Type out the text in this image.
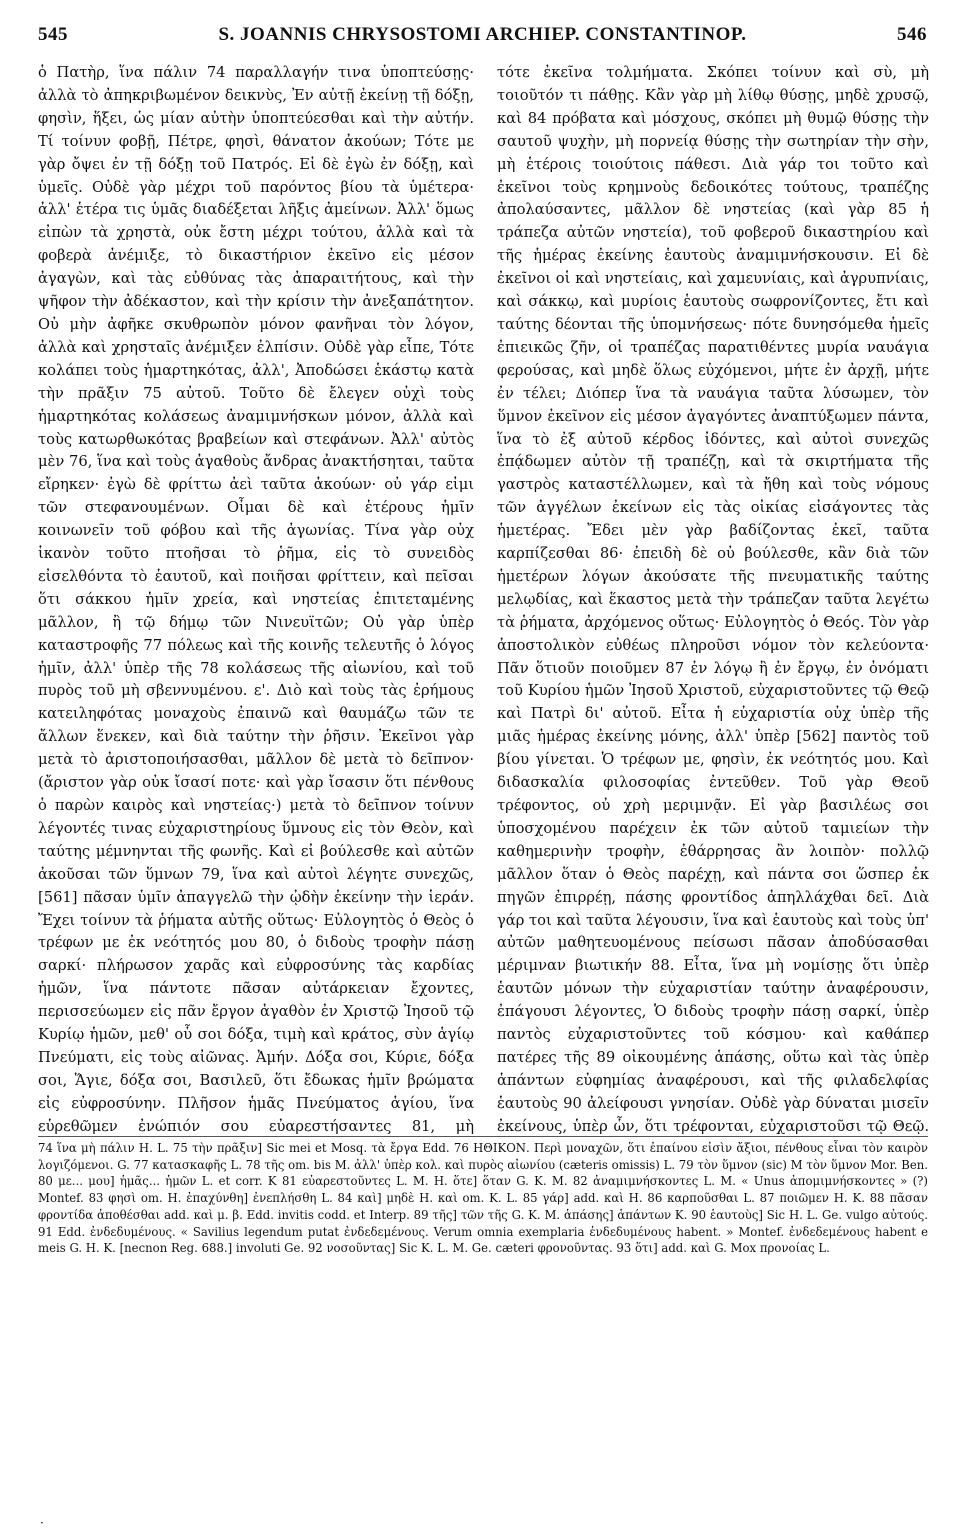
545	S. JOANNIS CHRYSOSTOMI ARCHIEP. CONSTANTINOP.	546

ὁ Πατὴρ, ἵνα πάλιν 74 παραλλαγήν τινα ὑποπτεύσῃς· ἀλλὰ τὸ ἀπηκριβωμένον δεικνὺς, Ἐν αὐτῇ ἐκείνῃ τῇ δόξῃ, φησὶν, ἥξει, ὡς μίαν αὐτὴν ὑποπτεύεσθαι καὶ τὴν αὐτήν. Τί τοίνυν φοβῇ, Πέτρε, φησὶ, θάνατον ἀκούων; Τότε με γὰρ ὄψει ἐν τῇ δόξῃ τοῦ Πατρός. Εἰ δὲ ἐγὼ ἐν δόξῃ, καὶ ὑμεῖς. Οὐδὲ γὰρ μέχρι τοῦ παρόντος βίου τὰ ὑμέτερα· ἀλλ' ἑτέρα τις ὑμᾶς διαδέξεται λῆξις ἀμείνων. Ἀλλ' ὅμως εἰπὼν τὰ χρηστὰ, οὐκ ἔστη μέχρι τούτου, ἀλλὰ καὶ τὰ φοβερὰ ἀνέμιξε, τὸ δικαστήριον ἐκεῖνο εἰς μέσον ἀγαγὼν, καὶ τὰς εὐθύνας τὰς ἀπαραιτήτους, καὶ τὴν ψῆφον τὴν ἀδέκαστον, καὶ τὴν κρίσιν τὴν ἀνεξαπάτητον. Οὐ μὴν ἀφῆκε σκυθρωπὸν μόνον φανῆναι τὸν λόγον, ἀλλὰ καὶ χρησταῖς ἀνέμιξεν ἐλπίσιν. Οὐδὲ γὰρ εἶπε, Τότε κολάπει τοὺς ἡμαρτηκότας, ἀλλ', Ἀποδώσει ἑκάστῳ κατὰ τὴν πρᾶξιν 75 αὐτοῦ. Τοῦτο δὲ ἔλεγεν οὐχὶ τοὺς ἡμαρτηκότας κολάσεως ἀναμιμνήσκων μόνον, ἀλλὰ καὶ τοὺς κατωρθωκότας βραβείων καὶ στεφάνων. Ἀλλ' αὐτὸς μὲν 76, ἵνα καὶ τοὺς ἀγαθοὺς ἄνδρας ἀνακτήσηται, ταῦτα εἴρηκεν· ἐγὼ δὲ φρίττω ἀεὶ ταῦτα ἀκούων· οὐ γάρ εἰμι τῶν στεφανουμένων. Οἶμαι δὲ καὶ ἑτέρους ἡμῖν κοινωνεῖν τοῦ φόβου καὶ τῆς ἀγωνίας. Τίνα γὰρ οὐχ ἱκανὸν τοῦτο πτοῆσαι τὸ ῥῆμα, εἰς τὸ συνειδὸς εἰσελθόντα τὸ ἑαυτοῦ, καὶ ποιῆσαι φρίττειν, καὶ πεῖσαι ὅτι σάκκου ἡμῖν χρεία, καὶ νηστείας ἐπιτεταμένης μᾶλλον, ἢ τῷ δήμῳ τῶν Νινευϊτῶν; Οὐ γὰρ ὑπὲρ καταστροφῆς 77 πόλεως καὶ τῆς κοινῆς τελευτῆς ὁ λόγος ἡμῖν, ἀλλ' ὑπὲρ τῆς 78 κολάσεως τῆς αἰωνίου, καὶ τοῦ πυρὸς τοῦ μὴ σβεννυμένου. ε'. Διὸ καὶ τοὺς τὰς ἐρήμους κατειληφότας μοναχοὺς ἐπαινῶ καὶ θαυμάζω τῶν τε ἄλλων ἕνεκεν, καὶ διὰ ταύτην τὴν ῥῆσιν. Ἐκεῖνοι γὰρ μετὰ τὸ ἀριστοποιήσασθαι, μᾶλλον δὲ μετὰ τὸ δεῖπνον· (ἄριστον γὰρ οὐκ ἴσασί ποτε· καὶ γὰρ ἴσασιν ὅτι πένθους ὁ παρὼν καιρὸς καὶ νηστείας·) μετὰ τὸ δεῖπνον τοίνυν λέγοντές τινας εὐχαριστηρίους ὕμνους εἰς τὸν Θεὸν, καὶ ταύτης μέμνηνται τῆς φωνῆς. Καὶ εἰ βούλεσθε καὶ αὐτῶν ἀκοῦσαι τῶν ὕμνων 79, ἵνα καὶ αὐτοὶ λέγητε συνεχῶς, [561] πᾶσαν ὑμῖν ἀπαγγελῶ τὴν ᾠδὴν ἐκείνην τὴν ἱεράν. Ἔχει τοίνυν τὰ ῥήματα αὐτῆς οὕτως· Εὐλογητὸς ὁ Θεὸς ὁ τρέφων με ἐκ νεότητός μου 80, ὁ διδοὺς τροφὴν πάσῃ σαρκί· πλήρωσον χαρᾶς καὶ εὐφροσύνης τὰς καρδίας ἡμῶν, ἵνα πάντοτε πᾶσαν αὐτάρκειαν ἔχοντες, περισσεύωμεν εἰς πᾶν ἔργον ἀγαθὸν ἐν Χριστῷ Ἰησοῦ τῷ Κυρίῳ ἡμῶν, μεθ' οὗ σοι δόξα, τιμὴ καὶ κράτος, σὺν ἁγίῳ Πνεύματι, εἰς τοὺς αἰῶνας. Ἀμήν. Δόξα σοι, Κύριε, δόξα σοι, Ἅγιε, δόξα σοι, Βασιλεῦ, ὅτι ἔδωκας ἡμῖν βρώματα εἰς εὐφροσύνην. Πλῆσον ἡμᾶς Πνεύματος ἁγίου, ἵνα εὑρεθῶμεν ἐνώπιόν σου εὐαρεστήσαντες 81, μὴ

τότε ἐκεῖνα τολμήματα. Σκόπει τοίνυν καὶ σὺ, μὴ τοιοῦτόν τι πάθῃς. Κἂν γὰρ μὴ λίθῳ θύσῃς, μηδὲ χρυσῷ, καὶ 84 πρόβατα καὶ μόσχους, σκόπει μὴ θυμῷ θύσῃς τὴν σαυτοῦ ψυχὴν, μὴ πορνείᾳ θύσῃς τὴν σωτηρίαν τὴν σὴν, μὴ ἑτέροις τοιούτοις πάθεσι. Διὰ γάρ τοι τοῦτο καὶ ἐκεῖνοι τοὺς κρημνοὺς δεδοικότες τούτους, τραπέζης ἀπολαύσαντες, μᾶλλον δὲ νηστείας (καὶ γὰρ 85 ἡ τράπεζα αὐτῶν νηστεία), τοῦ φοβεροῦ δικαστηρίου καὶ τῆς ἡμέρας ἐκείνης ἑαυτοὺς ἀναμιμνήσκουσιν. Εἰ δὲ ἐκεῖνοι οἱ καὶ νηστείαις, καὶ χαμευνίαις, καὶ ἀγρυπνίαις, καὶ σάκκῳ, καὶ μυρίοις ἑαυτοὺς σωφρονίζοντες, ἔτι καὶ ταύτης δέονται τῆς ὑπομνήσεως· πότε δυνησόμεθα ἡμεῖς ἐπιεικῶς ζῆν, οἱ τραπέζας παρατιθέντες μυρία ναυάγια φερούσας, καὶ μηδὲ ὅλως εὐχόμενοι, μήτε ἐν ἀρχῇ, μήτε ἐν τέλει; Διόπερ ἵνα τὰ ναυάγια ταῦτα λύσωμεν, τὸν ὕμνον ἐκεῖνον εἰς μέσον ἀγαγόντες ἀναπτύξωμεν πάντα, ἵνα τὸ ἐξ αὐτοῦ κέρδος ἰδόντες, καὶ αὐτοὶ συνεχῶς ἐπᾴδωμεν αὐτὸν τῇ τραπέζῃ, καὶ τὰ σκιρτήματα τῆς γαστρὸς καταστέλλωμεν, καὶ τὰ ἤθη καὶ τοὺς νόμους τῶν ἀγγέλων ἐκείνων εἰς τὰς οἰκίας εἰσάγοντες τὰς ἡμετέρας. Ἔδει μὲν γὰρ βαδίζοντας ἐκεῖ, ταῦτα καρπίζεσθαι 86· ἐπειδὴ δὲ οὐ βούλεσθε, κἂν διὰ τῶν ἡμετέρων λόγων ἀκούσατε τῆς πνευματικῆς ταύτης μελῳδίας, καὶ ἕκαστος μετὰ τὴν τράπεζαν ταῦτα λεγέτω τὰ ῥήματα, ἀρχόμενος οὕτως· Εὐλογητὸς ὁ Θεός. Τὸν γὰρ ἀποστολικὸν εὐθέως πληροῦσι νόμον τὸν κελεύοντα· Πᾶν ὅτιοῦν ποιοῦμεν 87 ἐν λόγῳ ἢ ἐν ἔργῳ, ἐν ὀνόματι τοῦ Κυρίου ἡμῶν Ἰησοῦ Χριστοῦ, εὐχαριστοῦντες τῷ Θεῷ καὶ Πατρὶ δι' αὐτοῦ. Εἶτα ἡ εὐχαριστία οὐχ ὑπὲρ τῆς μιᾶς ἡμέρας ἐκείνης μόνης, ἀλλ' ὑπὲρ [562] παντὸς τοῦ βίου γίνεται. Ὁ τρέφων με, φησὶν, ἐκ νεότητός μου. Καὶ διδασκαλία φιλοσοφίας ἐντεῦθεν. Τοῦ γὰρ Θεοῦ τρέφοντος, οὐ χρὴ μεριμνᾷν. Εἰ γὰρ βασιλέως σοι ὑποσχομένου παρέχειν ἐκ τῶν αὐτοῦ ταμιείων τὴν καθημερινὴν τροφὴν, ἐθάρρησας ἂν λοιπὸν· πολλῷ μᾶλλον ὅταν ὁ Θεὸς παρέχῃ, καὶ πάντα σοι ὥσπερ ἐκ πηγῶν ἐπιρρέῃ, πάσης φροντίδος ἀπηλλάχθαι δεῖ. Διὰ γάρ τοι καὶ ταῦτα λέγουσιν, ἵνα καὶ ἑαυτοὺς καὶ τοὺς ὑπ' αὐτῶν μαθητευομένους πείσωσι πᾶσαν ἀποδύσασθαι μέριμναν βιωτικήν 88. Εἶτα, ἵνα μὴ νομίσῃς ὅτι ὑπὲρ ἑαυτῶν μόνων τὴν εὐχαριστίαν ταύτην ἀναφέρουσιν, ἐπάγουσι λέγοντες, Ὁ διδοὺς τροφὴν πάσῃ σαρκί, ὑπὲρ παντὸς εὐχαριστοῦντες τοῦ κόσμου· καὶ καθάπερ πατέρες τῆς 89 οἰκουμένης ἁπάσης, οὕτω καὶ τὰς ὑπὲρ ἁπάντων εὐφημίας ἀναφέρουσι, καὶ τῆς φιλαδελφίας ἑαυτοὺς 90 ἀλείφουσι γνησίαν. Οὐδὲ γὰρ δύναται μισεῖν ἐκείνους, ὑπὲρ ὧν, ὅτι τρέφονται, εὐχαριστοῦσι τῷ Θεῷ.

74 ἵνα μὴ πάλιν H. L. 75 τὴν πρᾶξιν] Sic mei et Mosq. τὰ ἔργα Edd. 76 ΗΘΙΚΟΝ. Περὶ μοναχῶν, ὅτι ἐπαίνου εἰσὶν ἄξιοι, πένθους εἶναι τὸν καιρὸν λογιζόμενοι. G. 77 κατασκαφῆς L. 78 τῆς om. bis M. ἀλλ' ὑπὲρ κολ. καὶ πυρὸς αἰωνίου (cæteris omissis) L. 79 τὸν ὕμνον (sic) M τὸν ὕμνον Mor. Ben. 80 με... μου] ἡμᾶς... ἡμῶν L. et corr. K 81 εὐαρεστοῦντες L. M. H. ὅτε] ὅταν G. K. M. 82 ἀναμιμνήσκοντες L. M. « Unus ἀπομιμνήσκοντες » (?) Montef. 83 φησὶ om. H. ἐπαχύνθη] ἐνεπλήσθη L. 84 καὶ] μηδὲ H. καὶ om. K. L. 85 γάρ] add. καὶ H. 86 καρποῦσθαι L. 87 ποιῶμεν H. K. 88 πᾶσαν φροντίδα ἀποθέσθαι add. καὶ μ. β. Edd. invitis codd. et Interp. 89 τῆς] τῶν τῆς G. K. M. ἁπάσης] ἁπάντων K. 90 ἑαυτοὺς] Sic H. L. Ge. vulgo αὐτούς. 91 Edd. ἐνδεδυμένους. « Savilius legendum putat ἐνδεδεμένους. Verum omnia exemplaria ἐνδεδυμένους habent. » Montef. ἐνδεδεμένους habent e meis G. H. K. [necnon Reg. 688.] involuti Ge. 92 νοσοῦντας] Sic K. L. M. Ge. cæteri φρονοῦντας. 93 ὅτι] add. καὶ G. Mox προνοίας L.

·
